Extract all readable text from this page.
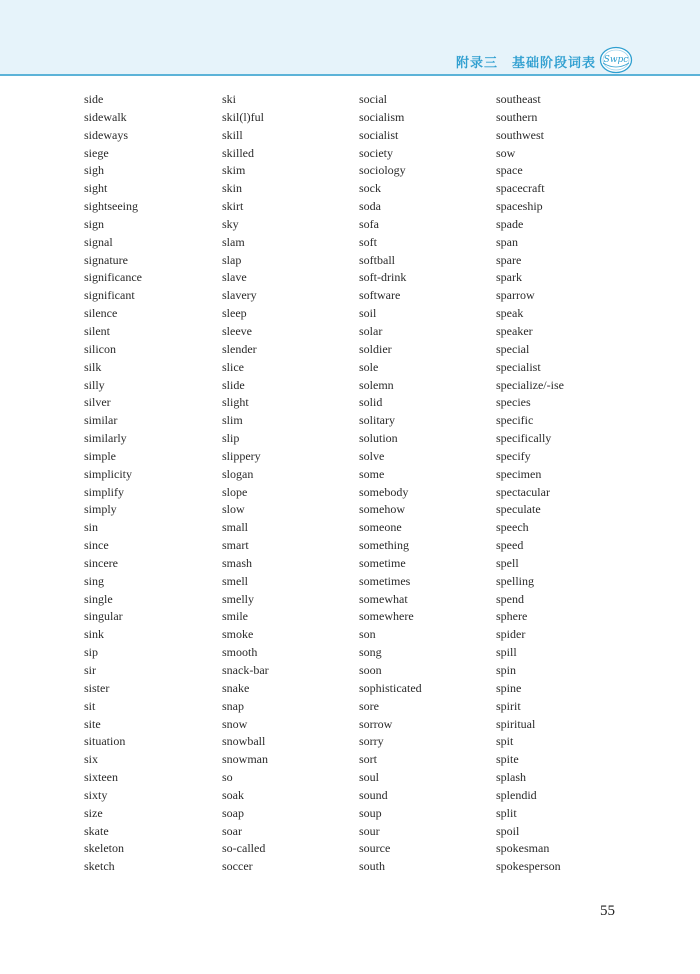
附录三　基础阶段词表 Swpc
side
sidewalk
sideways
siege
sigh
sight
sightseeing
sign
signal
signature
significance
significant
silence
silent
silicon
silk
silly
silver
similar
similarly
simple
simplicity
simplify
simply
sin
since
sincere
sing
single
singular
sink
sip
sir
sister
sit
site
situation
six
sixteen
sixty
size
skate
skeleton
sketch
ski
skil(l)ful
skill
skilled
skim
skin
skirt
sky
slam
slap
slave
slavery
sleep
sleeve
slender
slice
slide
slight
slim
slip
slippery
slogan
slope
slow
small
smart
smash
smell
smelly
smile
smoke
smooth
snack-bar
snake
snap
snow
snowball
snowman
so
soak
soap
soar
so-called
soccer
social
socialism
socialist
society
sociology
sock
soda
sofa
soft
softball
soft-drink
software
soil
solar
soldier
sole
solemn
solid
solitary
solution
solve
some
somebody
somehow
someone
something
sometime
sometimes
somewhat
somewhere
son
song
soon
sophisticated
sore
sorrow
sorry
sort
soul
sound
soup
sour
source
south
southeast
southern
southwest
sow
space
spacecraft
spaceship
spade
span
spare
spark
sparrow
speak
speaker
special
specialist
specialize/-ise
species
specific
specifically
specify
specimen
spectacular
speculate
speech
speed
spell
spelling
spend
sphere
spider
spill
spin
spine
spirit
spiritual
spit
spite
splash
splendid
split
spoil
spokesman
spokesperson
55
